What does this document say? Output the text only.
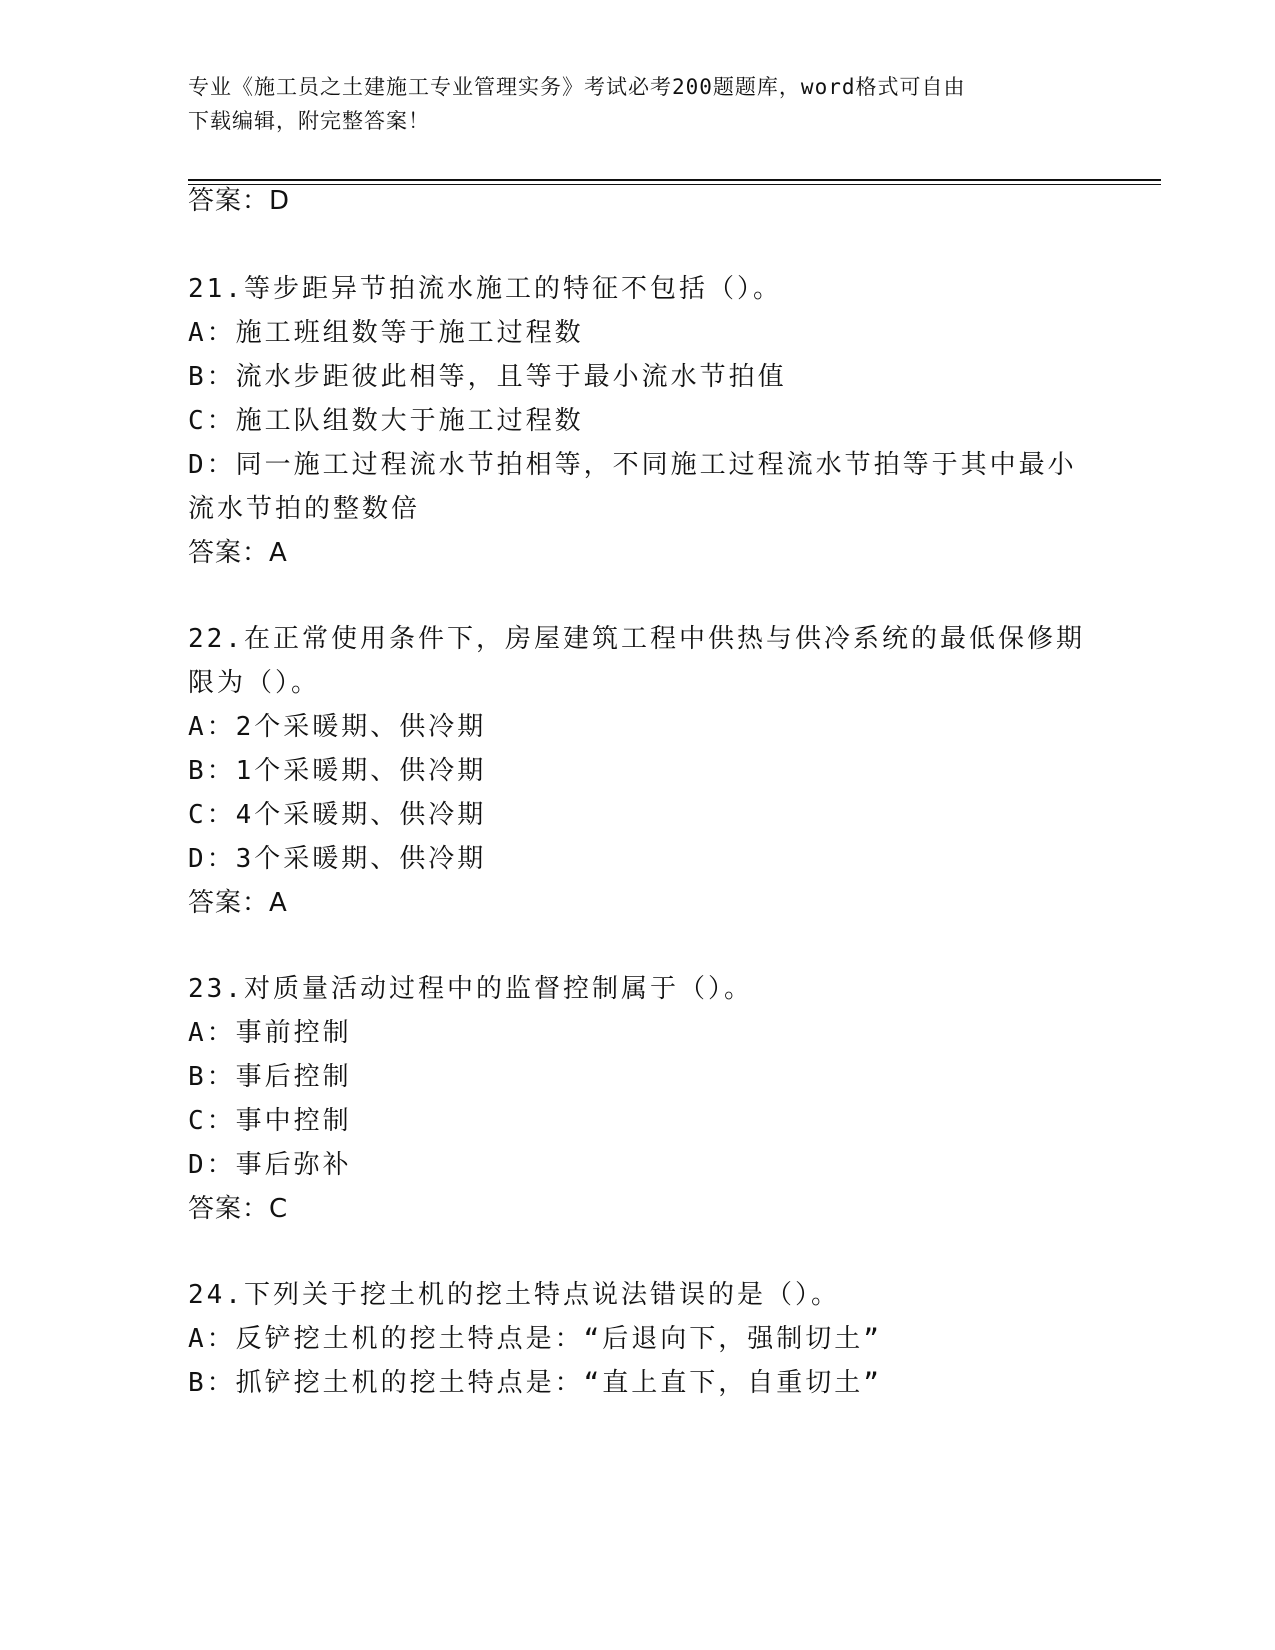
专业《施工员之土建施工专业管理实务》考试必考200题题库，word格式可自由
下载编辑，附完整答案！
答案：D
21.等步距异节拍流水施工的特征不包括（）。
A：施工班组数等于施工过程数
B：流水步距彼此相等，且等于最小流水节拍值
C：施工队组数大于施工过程数
D：同一施工过程流水节拍相等，不同施工过程流水节拍等于其中最小
流水节拍的整数倍
答案：A
22.在正常使用条件下，房屋建筑工程中供热与供冷系统的最低保修期
限为（）。
A：2个采暖期、供冷期
B：1个采暖期、供冷期
C：4个采暖期、供冷期
D：3个采暖期、供冷期
答案：A
23.对质量活动过程中的监督控制属于（）。
A：事前控制
B：事后控制
C：事中控制
D：事后弥补
答案：C
24.下列关于挖土机的挖土特点说法错误的是（）。
A：反铲挖土机的挖土特点是：“后退向下，强制切土”
B：抓铲挖土机的挖土特点是：“直上直下，自重切土”
